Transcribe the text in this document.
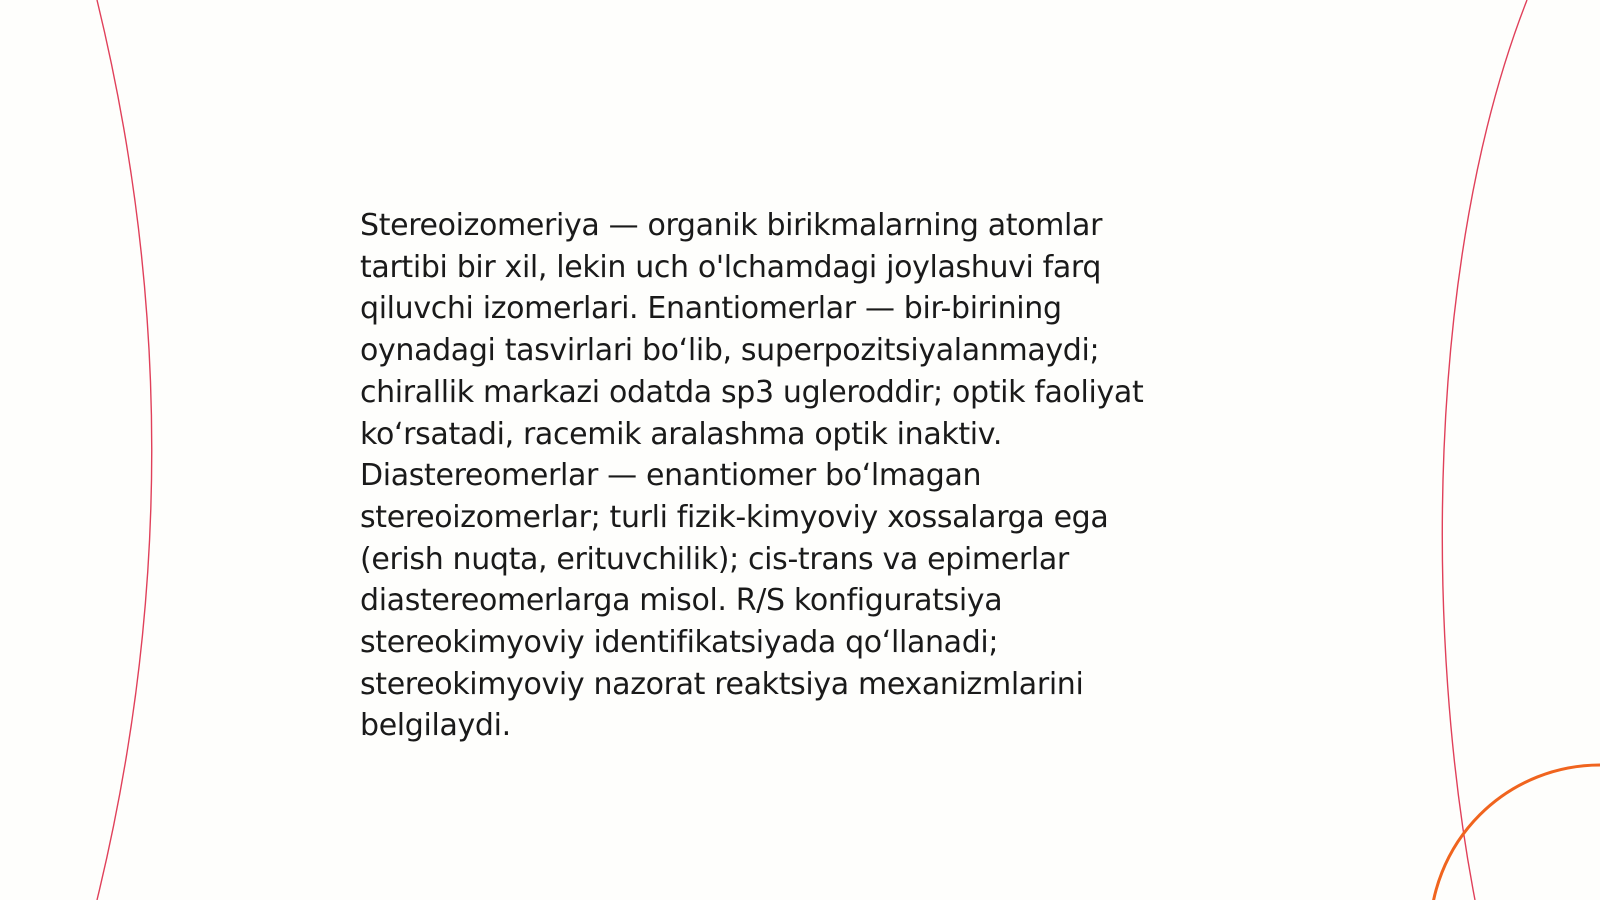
Stereoizomeriya — organik birikmalarning atomlar
tartibi bir xil, lekin uch o'lchamdagi joylashuvi farq
qiluvchi izomerlari. Enantiomerlar — bir-birining
oynadagi tasvirlari bo‘lib, superpozitsiyalanmaydi;
chirallik markazi odatda sp3 ugleroddir; optik faoliyat
ko‘rsatadi, racemik aralashma optik inaktiv.
Diastereomerlar — enantiomer bo‘lmagan
stereoizomerlar; turli fizik-kimyoviy xossalarga ega
(erish nuqta, erituvchilik); cis-trans va epimerlar
diastereomerlarga misol. R/S konfiguratsiya
stereokimyoviy identifikatsiyada qo‘llanadi;
stereokimyoviy nazorat reaktsiya mexanizmlarini
belgilaydi.
